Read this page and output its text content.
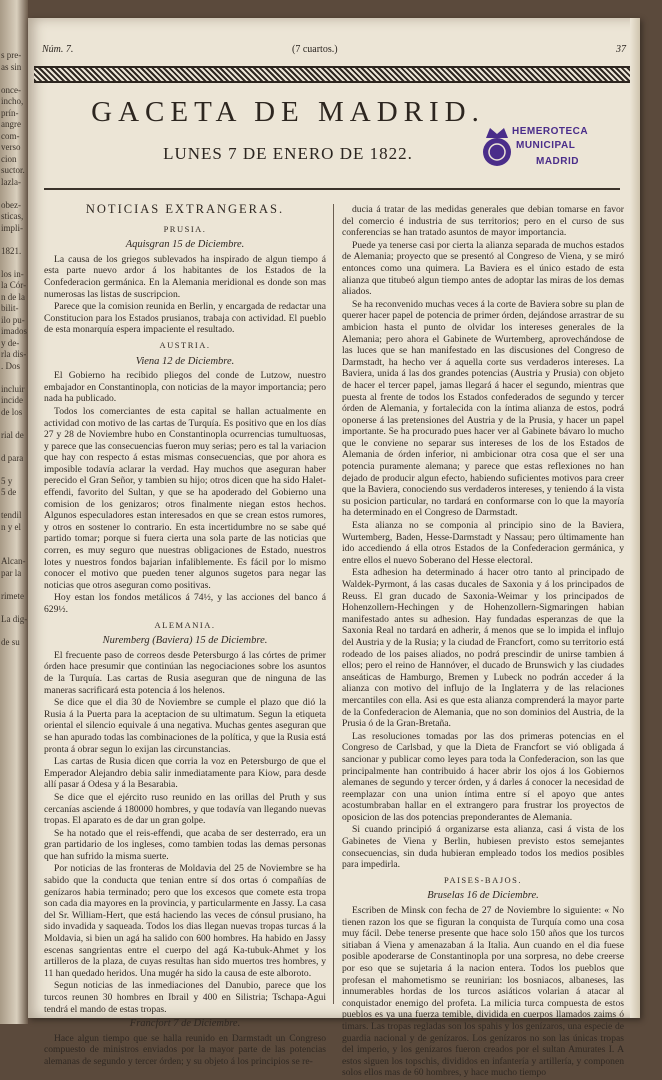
s pre-
as sin

once-
incho,
prín-
angre
com-
verso
cion
suctor.
lazla-

obez-
sticas,
impli-

1821.

los in-
la Cór-
n de la
bilit-
ilo pu-
imados
y de-
rla dis-
. Dos

incluir
incide
de los

rial de

d para

5 y
5 de

tendil
n y el

Alcan-
par la

rimete

La dig-

de su

Núm. 7.	(7 cuartos.)	37
GACETA DE MADRID.
LUNES 7 DE ENERO DE 1822.
HEMEROTECA
MUNICIPAL
MADRID
NOTICIAS EXTRANGERAS.
PRUSIA.
Aquisgran 15 de Diciembre.

La causa de los griegos sublevados ha inspirado de algun tiempo á esta parte nuevo ardor á los habitantes de los Estados de la Confederacion germánica. En la Alemania meridional es donde son mas numerosas las listas de suscripcion.

Parece que la comision reunida en Berlin, y encargada de redactar una Constitucion para los Estados prusianos, trabaja con actividad. El pueblo de esta monarquía espera impaciente el resultado.

AUSTRIA.
Viena 12 de Diciembre.

El Gobierno ha recibido pliegos del conde de Lutzow, nuestro embajador en Constantinopla, con noticias de la mayor importancia; pero nada ha publicado.

Todos los comerciantes de esta capital se hallan actualmente en actividad con motivo de las cartas de Turquía. Es positivo que en los días 27 y 28 de Noviembre hubo en Constantinopla ocurrencias tumultuosas, y parece que las consecuencias fueron muy serias; pero es tal la variacion que hay con respecto á estas mismas consecuencias, que por ahora es imposible todavía aclarar la verdad. Hay muchos que aseguran haber perecido el Gran Señor, y tambien su hijo; otros dicen que ha sido Halet-effendi, favorito del Sultan, y que se ha apoderado del Gobierno una comision de los genizaros; otros finalmente niegan estos hechos. Algunos especuladores estan interesados en que se crean estos rumores, y otros en sostener lo contrario. En esta incertidumbre no se sabe qué partido tomar; porque si fuera cierta una sola parte de las noticias que corren, es muy seguro que nuestras obligaciones de Estado, nuestros lotes y nuestros fondos bajarian infaliblemente. Es fácil por lo mismo conocer el motivo que pueden tener algunos sugetos para negar las noticias que otros aseguran como positivas.

Hoy estan los fondos metálicos á 74½, y las acciones del banco á 629½.

ALEMANIA.
Nuremberg (Baviera) 15 de Diciembre.

El frecuente paso de correos desde Petersburgo á las córtes de primer órden hace presumir que continúan las negociaciones sobre los asuntos de la Turquía. Las cartas de Rusia aseguran que de ninguna de las maneras sacrificará esta potencia á los helenos.

Se dice que el dia 30 de Noviembre se cumple el plazo que dió la Rusia á la Puerta para la aceptacion de su ultimatum. Segun la etiqueta oriental el silencio equivale á una negativa. Muchas gentes aseguran que se han apurado todas las combinaciones de la política, y que la Rusia está pronta á obrar segun lo exijan las circunstancias.

Las cartas de Rusia dicen que corria la voz en Petersburgo de que el Emperador Alejandro debia salir inmediatamente para Kiow, para desde allí pasar á Odesa y á la Besarabia.

Se dice que el ejército ruso reunido en las orillas del Pruth y sus cercanías asciende á 180000 hombres, y que todavía van llegando nuevas tropas. El aparato es de dar un gran golpe.

Se ha notado que el reis-effendi, que acaba de ser desterrado, era un gran partidario de los ingleses, como tambien todas las demas personas que han sufrido la misma suerte.

Por noticias de las fronteras de Moldavia del 25 de Noviembre se ha sabido que la conducta que tenian entre sí dos ortas ó compañías de genízaros habia terminado; pero que los excesos que comete esta tropa son cada dia mayores en la provincia, y particularmente en Jassy. La casa del Sr. William-Hert, que está haciendo las veces de cónsul prusiano, ha sido invadida y saqueada. Todos los dias llegan nuevas tropas turcas á la Moldavia, si bien un agá ha salido con 600 hombres. Ha habido en Jassy escenas sangrientas entre el cuerpo del agá Ka-tubuk-Ahmet y los artilleros de la plaza, de cuyas resultas han sido muertos tres hombres, y 11 han quedado heridos. Una mugér ha sido la causa de este alboroto.

Segun noticias de las inmediaciones del Danubio, parece que los turcos reunen 30 hombres en Ibrail y 400 en Silistria; Tschapa-Agui tendrá el mando de estas tropas.

Francfort 7 de Diciembre.

Hace algun tiempo que se halla reunido en Darmstadt un Congreso compuesto de ministros enviados por la mayor parte de las potencias alemanas de segundo y tercer órden; y su objeto á los principios se re-

ducia á tratar de las medidas generales que debian tomarse en favor del comercio é industria de sus territorios; pero en el curso de sus conferencias se han tratado asuntos de mayor importancia.

Puede ya tenerse casi por cierta la alianza separada de muchos estados de Alemania; proyecto que se presentó al Congreso de Viena, y se miró entonces como una quimera. La Baviera es el único estado de esta alianza que titubeó algun tiempo antes de adoptar las miras de los demas aliados.

Se ha reconvenido muchas veces á la corte de Baviera sobre su plan de querer hacer papel de potencia de primer órden, dejándose arrastrar de su ambicion hasta el punto de olvidar los intereses generales de la Alemania; pero ahora el Gabinete de Wurtemberg, aprovechándose de las luces que se han manifestado en las discusiones del Congreso de Darmstadt, ha hecho ver á aquella corte sus verdaderos intereses. La Baviera, unida á las dos grandes potencias (Austria y Prusia) con objeto de hacer el tercer papel, jamas llegará á hacer el segundo, mientras que puesta al frente de todos los Estados confederados de segundo y tercer órden de Alemania, y fortalecida con la íntima alianza de estos, podrá oponerse á las pretensiones del Austria y de la Prusia, y hacer un papel importante. Se ha procurado pues hacer ver al Gabinete bávaro lo mucho que le conviene no separar sus intereses de los de los Estados de Alemania de órden inferior, ni ambicionar otra cosa que el ser una potencia puramente alemana; y parece que estas reflexiones no han dejado de producir algun efecto, habiendo suficientes motivos para creer que la Baviera, conociendo sus verdaderos intereses, y teniendo á la vista su posicion particular, no tardará en conformarse con lo que la mayoría ha determinado en el Congreso de Darmstadt.

Esta alianza no se componia al principio sino de la Baviera, Wurtemberg, Baden, Hesse-Darmstadt y Nassau; pero últimamente han ido accediendo á ella otros Estados de la Confederacion germánica, y entre ellos el nuevo Soberano del Hesse electoral.

Esta adhesion ha determinado á hacer otro tanto al principado de Waldek-Pyrmont, á las casas ducales de Saxonia y á los principados de Reuss. El gran ducado de Saxonia-Weimar y los principados de Hohenzollern-Hechingen y de Hohenzollern-Sigmaringen habian manifestado antes su adhesion. Hay fundadas esperanzas de que la Saxonia Real no tardará en adherir, á menos que se lo impida el influjo del Austria y de la Rusia; y la ciudad de Francfort, como su territorio está rodeado de los paises aliados, no podrá prescindir de unirse tambien á ellos; pero el reino de Hannóver, el ducado de Brunswich y las ciudades anseáticas de Hamburgo, Bremen y Lubeck no podrán acceder á la alianza con motivo del influjo de la Inglaterra y de las relaciones mercantiles con ella. Asi es que esta alianza comprenderá la mayor parte de la Confederacion de Alemania, que no son dominios del Austria, de la Prusia ó de la Gran-Bretaña.

Las resoluciones tomadas por las dos primeras potencias en el Congreso de Carlsbad, y que la Dieta de Francfort se vió obligada á sancionar y publicar como leyes para toda la Confederacion, son las que principalmente han contribuido á hacer abrir los ojos á los Gobiernos alemanes de segundo y tercer órden, y á darles á conocer la necesidad de reemplazar con una union íntima entre sí el apoyo que antes acostumbraban hallar en el extrangero para frustrar los proyectos de oposicion de las dos potencias preponderantes de Alemania.

Si cuando principió á organizarse esta alianza, casi á vista de los Gabinetes de Viena y Berlin, hubiesen previsto estos semejantes consecuencias, sin duda hubieran empleado todos los medios posibles para impedirla.

PAISES-BAJOS.
Bruselas 16 de Diciembre.

Escriben de Minsk con fecha de 27 de Noviembre lo siguiente: « No tienen razon los que se figuran la conquista de Turquía como una cosa muy fácil. Debe tenerse presente que hace solo 150 años que los turcos sitiaban á Viena y amenazaban á la Italia. Aun cuando en el dia fuese posible apoderarse de Constantinopla por una sorpresa, no debe creerse por eso que se sujetaria á la nacion entera. Todos los pueblos que profesan el mahometismo se reunirian: los bosniacos, albaneses, las innumerables hordas de los turcos asiáticos volarian á atacar al conquistador enemigo del profeta. La milicia turca compuesta de estos pueblos es ya una fuerza temible, dividida en cuerpos llamados zaims ó timars. Las tropas regladas son los spahis y los genízaros, una especie de guardia nacional y de genízaros. Los genízaros no son las únicas tropas del imperio, y los genízaros fueron creados por el sultan Amurates I. A estos siguen los topschis, divididos en infantería y artillería, y componen solos ellos mas de 60 hombres, y hace mucho tiempo
